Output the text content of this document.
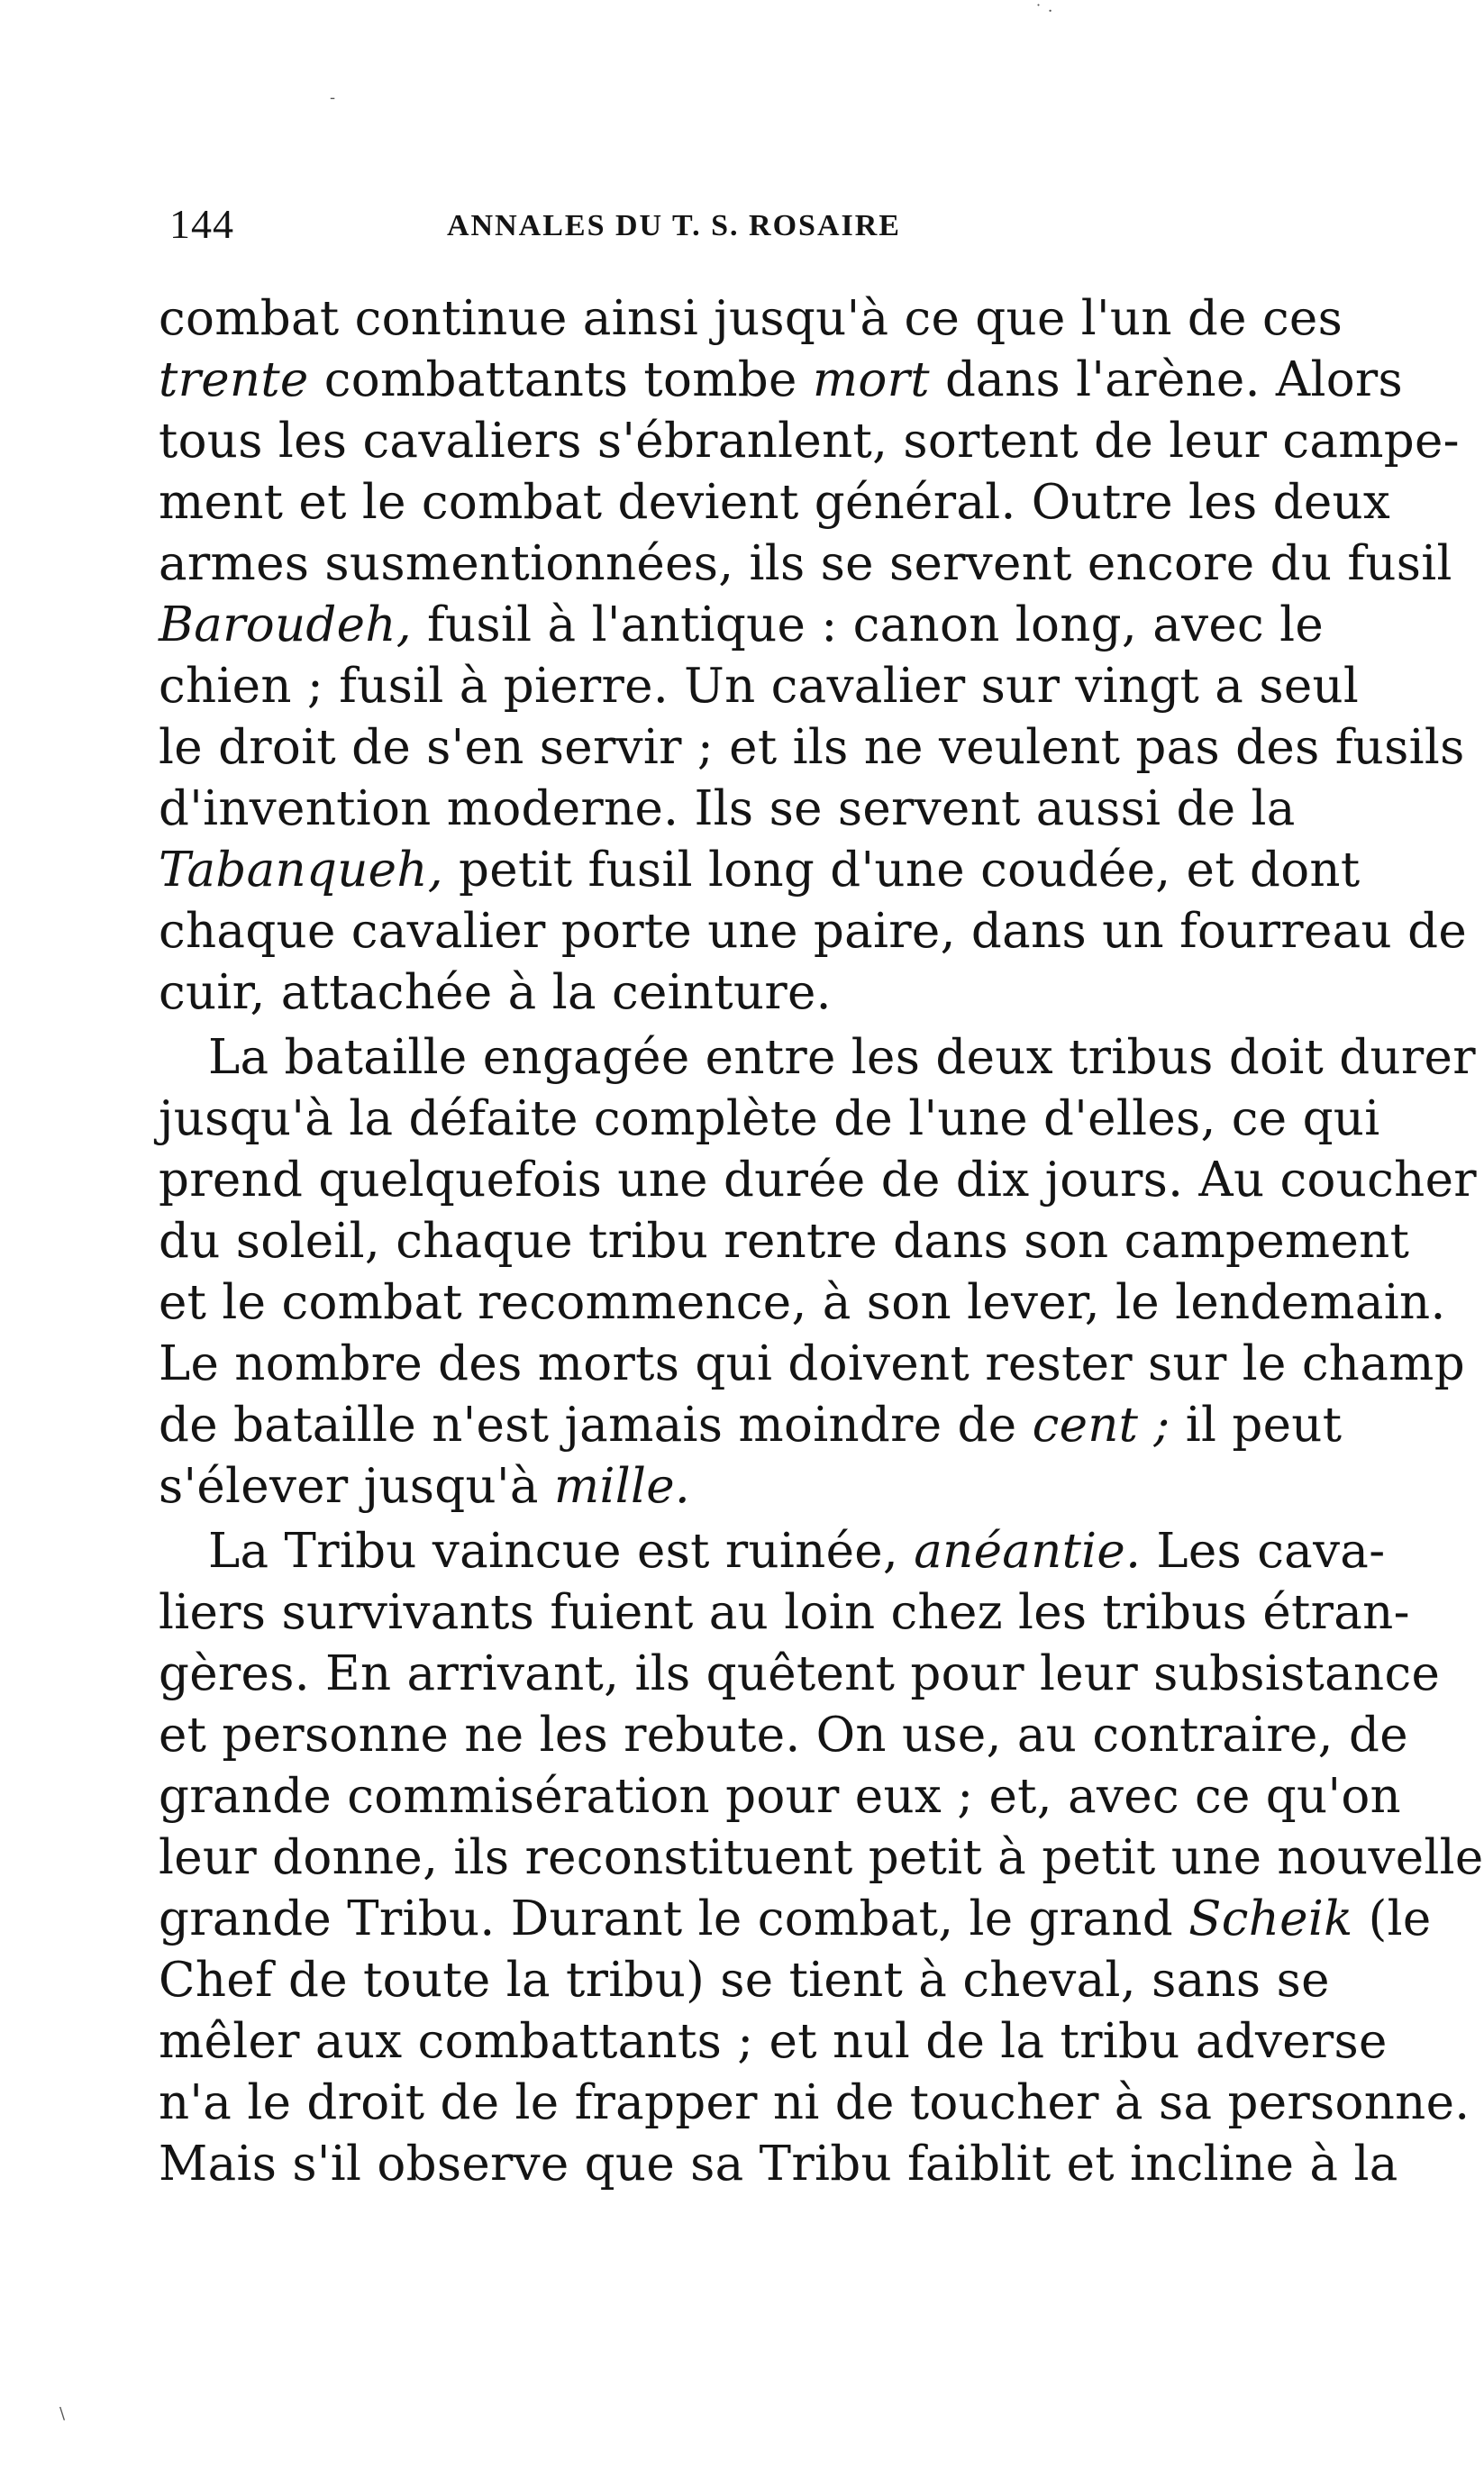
˙ ·
-
144	ANNALES DU T. S. ROSAIRE
combat continue ainsi jusqu'à ce que l'un de ces
trente combattants tombe mort dans l'arène. Alors
tous les cavaliers s'ébranlent, sortent de leur campe-
ment et le combat devient général. Outre les deux
armes susmentionnées, ils se servent encore du fusil
Baroudeh, fusil à l'antique : canon long, avec le
chien ; fusil à pierre. Un cavalier sur vingt a seul
le droit de s'en servir ; et ils ne veulent pas des fusils
d'invention moderne. Ils se servent aussi de la
Tabanqueh, petit fusil long d'une coudée, et dont
chaque cavalier porte une paire, dans un fourreau de
cuir, attachée à la ceinture.
La bataille engagée entre les deux tribus doit durer
jusqu'à la défaite complète de l'une d'elles, ce qui
prend quelquefois une durée de dix jours. Au coucher
du soleil, chaque tribu rentre dans son campement
et le combat recommence, à son lever, le lendemain.
Le nombre des morts qui doivent rester sur le champ
de bataille n'est jamais moindre de cent ; il peut
s'élever jusqu'à mille.
La Tribu vaincue est ruinée, anéantie. Les cava-
liers survivants fuient au loin chez les tribus étran-
gères. En arrivant, ils quêtent pour leur subsistance
et personne ne les rebute. On use, au contraire, de
grande commisération pour eux ; et, avec ce qu'on
leur donne, ils reconstituent petit à petit une nouvelle
grande Tribu. Durant le combat, le grand Scheik (le
Chef de toute la tribu) se tient à cheval, sans se
mêler aux combattants ; et nul de la tribu adverse
n'a le droit de le frapper ni de toucher à sa personne.
Mais s'il observe que sa Tribu faiblit et incline à la
\
